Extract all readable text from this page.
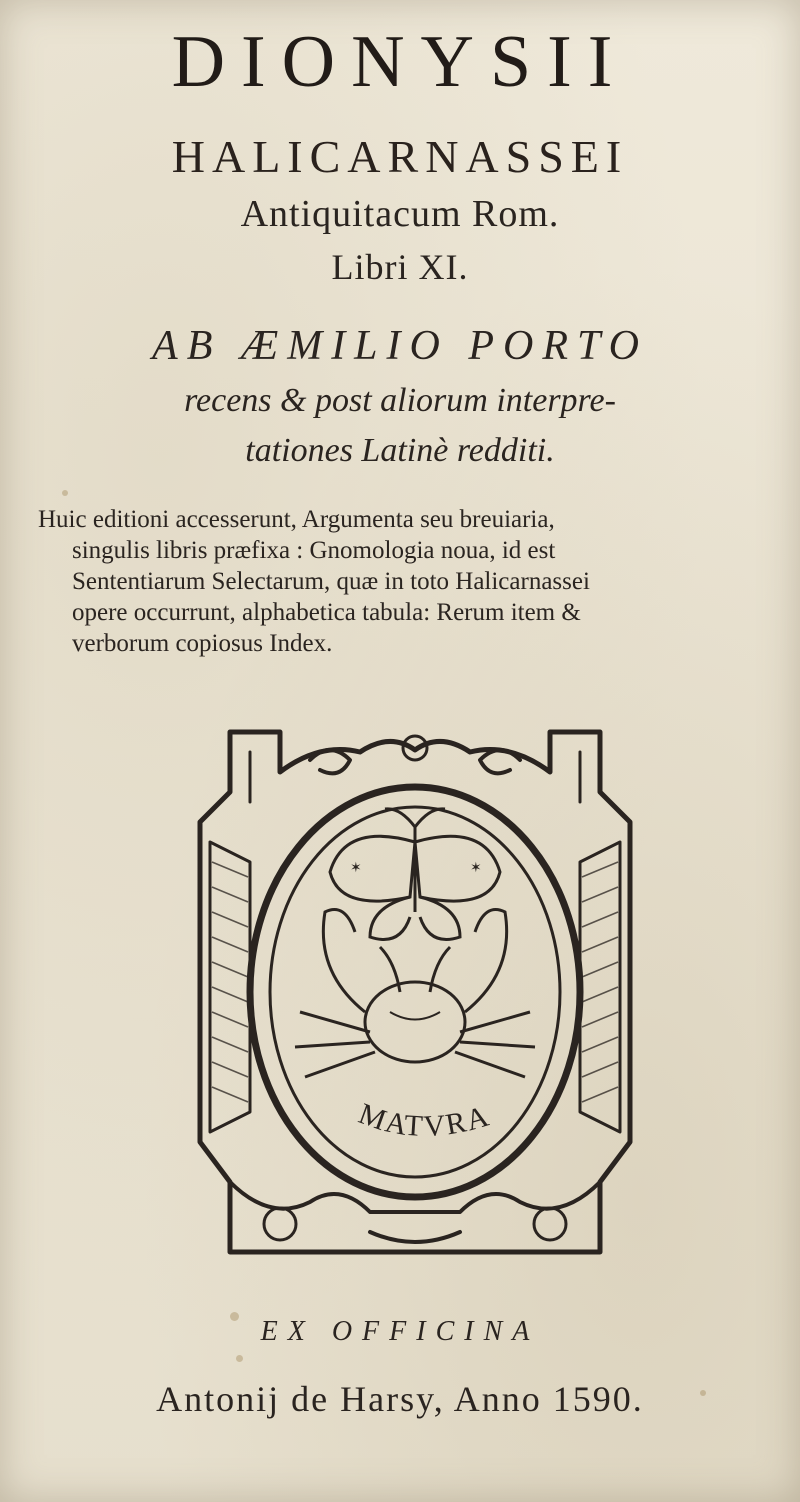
DIONYSII
HALICARNASSEI
Antiquitacum Rom.
Libri XI.
AB ÆMILIO PORTO
recens & post aliorum interpre-
tationes Latinè redditi.
Huic editioni accesserunt, Argumenta seu breuiaria,
singulis libris præfixa : Gnomologia noua, id est
Sententiarum Selectarum, quæ in toto Halicarnassei
opere occurrunt, alphabetica tabula: Rerum item &
verborum copiosus Index.
✶	✶
MATVRA
EX OFFICINA
Antonij de Harsy, Anno 1590.
